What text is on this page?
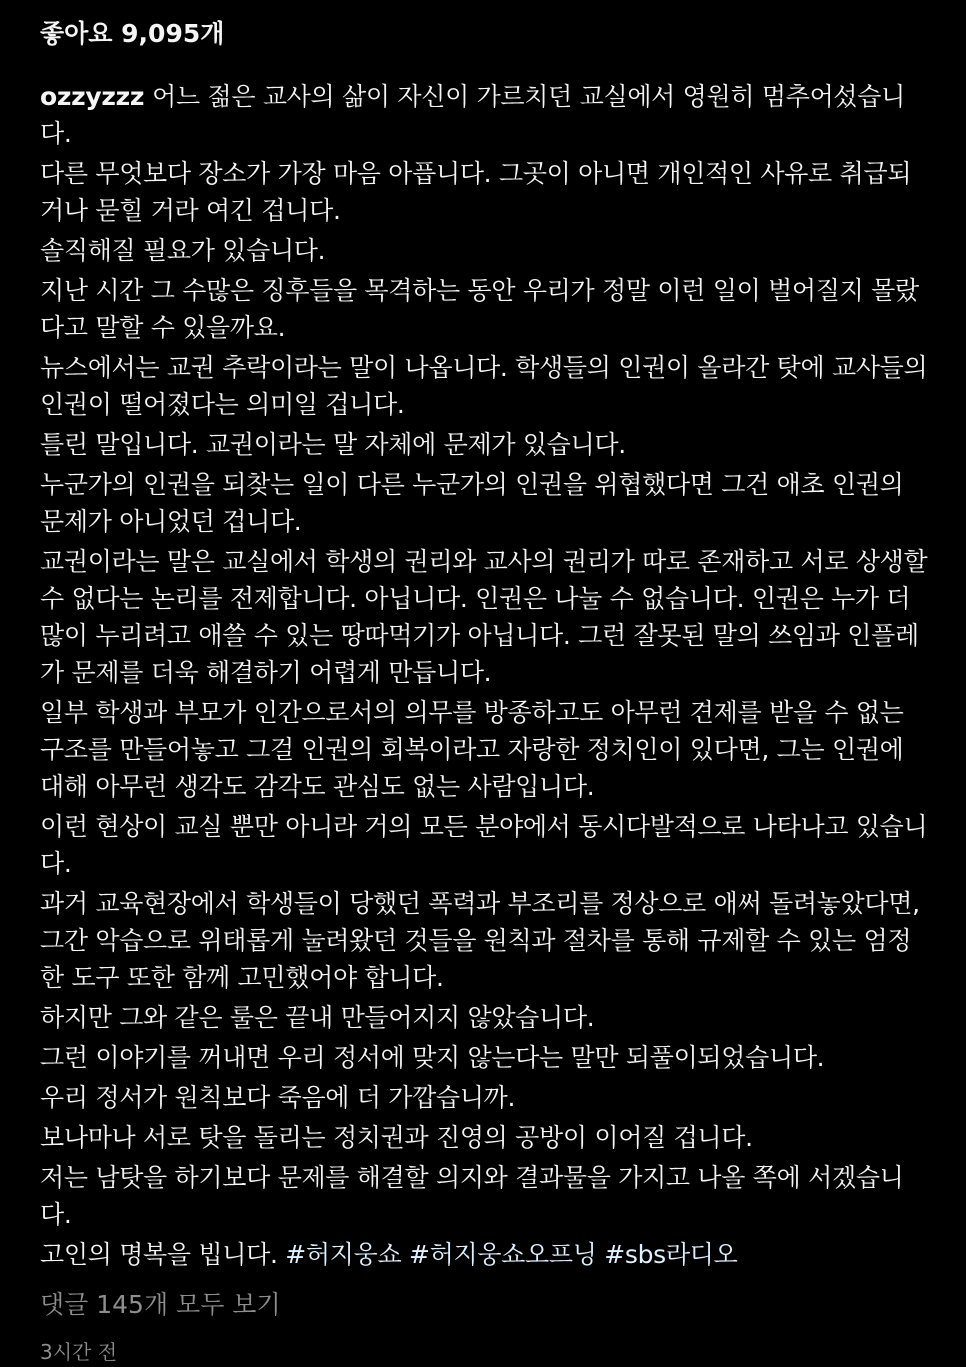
좋아요 9,095개
ozzyzzz 어느 젊은 교사의 삶이 자신이 가르치던 교실에서 영원히 멈추어섰습니다.
다른 무엇보다 장소가 가장 마음 아픕니다. 그곳이 아니면 개인적인 사유로 취급되거나 묻힐 거라 여긴 겁니다.
솔직해질 필요가 있습니다.
지난 시간 그 수많은 징후들을 목격하는 동안 우리가 정말 이런 일이 벌어질지 몰랐다고 말할 수 있을까요.
뉴스에서는 교권 추락이라는 말이 나옵니다. 학생들의 인권이 올라간 탓에 교사들의 인권이 떨어졌다는 의미일 겁니다.
틀린 말입니다. 교권이라는 말 자체에 문제가 있습니다.
누군가의 인권을 되찾는 일이 다른 누군가의 인권을 위협했다면 그건 애초 인권의 문제가 아니었던 겁니다.
교권이라는 말은 교실에서 학생의 권리와 교사의 권리가 따로 존재하고 서로 상생할 수 없다는 논리를 전제합니다. 아닙니다. 인권은 나눌 수 없습니다. 인권은 누가 더 많이 누리려고 애쓸 수 있는 땅따먹기가 아닙니다. 그런 잘못된 말의 쓰임과 인플레가 문제를 더욱 해결하기 어렵게 만듭니다.
일부 학생과 부모가 인간으로서의 의무를 방종하고도 아무런 견제를 받을 수 없는 구조를 만들어놓고 그걸 인권의 회복이라고 자랑한 정치인이 있다면, 그는 인권에 대해 아무런 생각도 감각도 관심도 없는 사람입니다.
이런 현상이 교실 뿐만 아니라 거의 모든 분야에서 동시다발적으로 나타나고 있습니다.
과거 교육현장에서 학생들이 당했던 폭력과 부조리를 정상으로 애써 돌려놓았다면, 그간 악습으로 위태롭게 눌려왔던 것들을 원칙과 절차를 통해 규제할 수 있는 엄정한 도구 또한 함께 고민했어야 합니다.
하지만 그와 같은 룰은 끝내 만들어지지 않았습니다.
그런 이야기를 꺼내면 우리 정서에 맞지 않는다는 말만 되풀이되었습니다.
우리 정서가 원칙보다 죽음에 더 가깝습니까.
보나마나 서로 탓을 돌리는 정치권과 진영의 공방이 이어질 겁니다.
저는 남탓을 하기보다 문제를 해결할 의지와 결과물을 가지고 나올 쪽에 서겠습니다.
고인의 명복을 빕니다. #허지웅쇼 #허지웅쇼오프닝 #sbs라디오
댓글 145개 모두 보기
3시간 전
